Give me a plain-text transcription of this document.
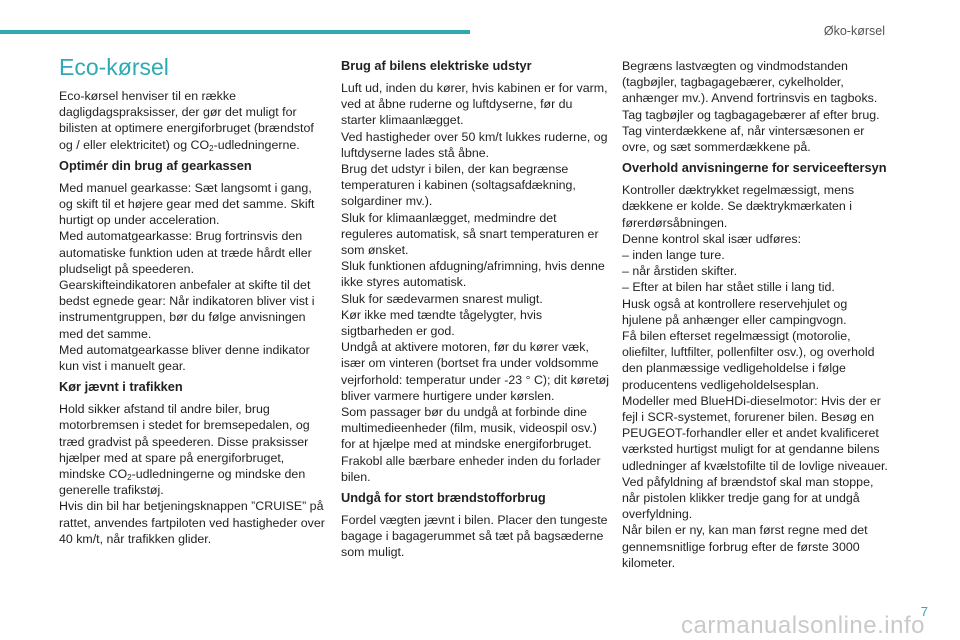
Øko-kørsel
Eco-kørsel
Eco-kørsel henviser til en række dagligdagspraksisser, der gør det muligt for bilisten at optimere energiforbruget (brændstof og / eller elektricitet) og $CO_2$-udledningerne.
Optimér din brug af gearkassen

Med manuel gearkasse: Sæt langsomt i gang, og skift til et højere gear med det samme. Skift hurtigt op under acceleration.

Med automatgearkasse: Brug fortrinsvis den automatiske funktion uden at træde hårdt eller pludseligt på speederen.

Gearskifteindikatoren anbefaler at skifte til det bedst egnede gear: Når indikatoren bliver vist i instrumentgruppen, bør du følge anvisningen med det samme.

Med automatgearkasse bliver denne indikator kun vist i manuelt gear.

Kør jævnt i trafikken

Hold sikker afstand til andre biler, brug motorbremsen i stedet for bremsepedalen, og træd gradvist på speederen. Disse praksisser hjælper med at spare på energiforbruget, mindske $CO_2$-udledningerne og mindske den generelle trafikstøj.

Hvis din bil har betjeningsknappen ”CRUISE” på rattet, anvendes fartpiloten ved hastigheder over 40 km/t, når trafikken glider.

Brug af bilens elektriske udstyr

Luft ud, inden du kører, hvis kabinen er for varm, ved at åbne ruderne og luftdyserne, før du starter klimaanlægget.

Ved hastigheder over 50 km/t lukkes ruderne, og luftdyserne lades stå åbne.

Brug det udstyr i bilen, der kan begrænse temperaturen i kabinen (soltagsafdækning, solgardiner mv.).

Sluk for klimaanlægget, medmindre det reguleres automatisk, så snart temperaturen er som ønsket.

Sluk funktionen afdugning/afrimning, hvis denne ikke styres automatisk.

Sluk for sædevarmen snarest muligt.

Kør ikke med tændte tågelygter, hvis sigtbarheden er god.

Undgå at aktivere motoren, før du kører væk, især om vinteren (bortset fra under voldsomme vejrforhold: temperatur under -23 ° C); dit køretøj bliver varmere hurtigere under kørslen.

Som passager bør du undgå at forbinde dine multimedieenheder (film, musik, videospil osv.) for at hjælpe med at mindske energiforbruget.

Frakobl alle bærbare enheder inden du forlader bilen.

Undgå for stort brændstofforbrug

Fordel vægten jævnt i bilen. Placer den tungeste bagage i bagagerummet så tæt på bagsæderne som muligt.

Begræns lastvægten og vindmodstanden (tagbøjler, tagbagagebærer, cykelholder, anhænger mv.). Anvend fortrinsvis en tagboks.

Tag tagbøjler og tagbagagebærer af efter brug.

Tag vinterdækkene af, når vintersæsonen er ovre, og sæt sommerdækkene på.

Overhold anvisningerne for serviceeftersyn

Kontroller dæktrykket regelmæssigt, mens dækkene er kolde. Se dæktrykmærkaten i førerdørsåbningen.

Denne kontrol skal især udføres:

– inden lange ture.

– når årstiden skifter.

– Efter at bilen har stået stille i lang tid.

Husk også at kontrollere reservehjulet og hjulene på anhænger eller campingvogn.

Få bilen efterset regelmæssigt (motorolie, oliefilter, luftfilter, pollenfilter osv.), og overhold den planmæssige vedligeholdelse i følge producentens vedligeholdelsesplan.

Modeller med BlueHDi-dieselmotor: Hvis der er fejl i SCR-systemet, forurener bilen. Besøg en PEUGEOT-forhandler eller et andet kvalificeret værksted hurtigst muligt for at gendanne bilens udledninger af kvælstofilte til de lovlige niveauer.

Ved påfyldning af brændstof skal man stoppe, når pistolen klikker tredje gang for at undgå overfyldning.

Når bilen er ny, kan man først regne med det gennemsnitlige forbrug efter de første 3000 kilometer.

7
carmanualsonline.info
